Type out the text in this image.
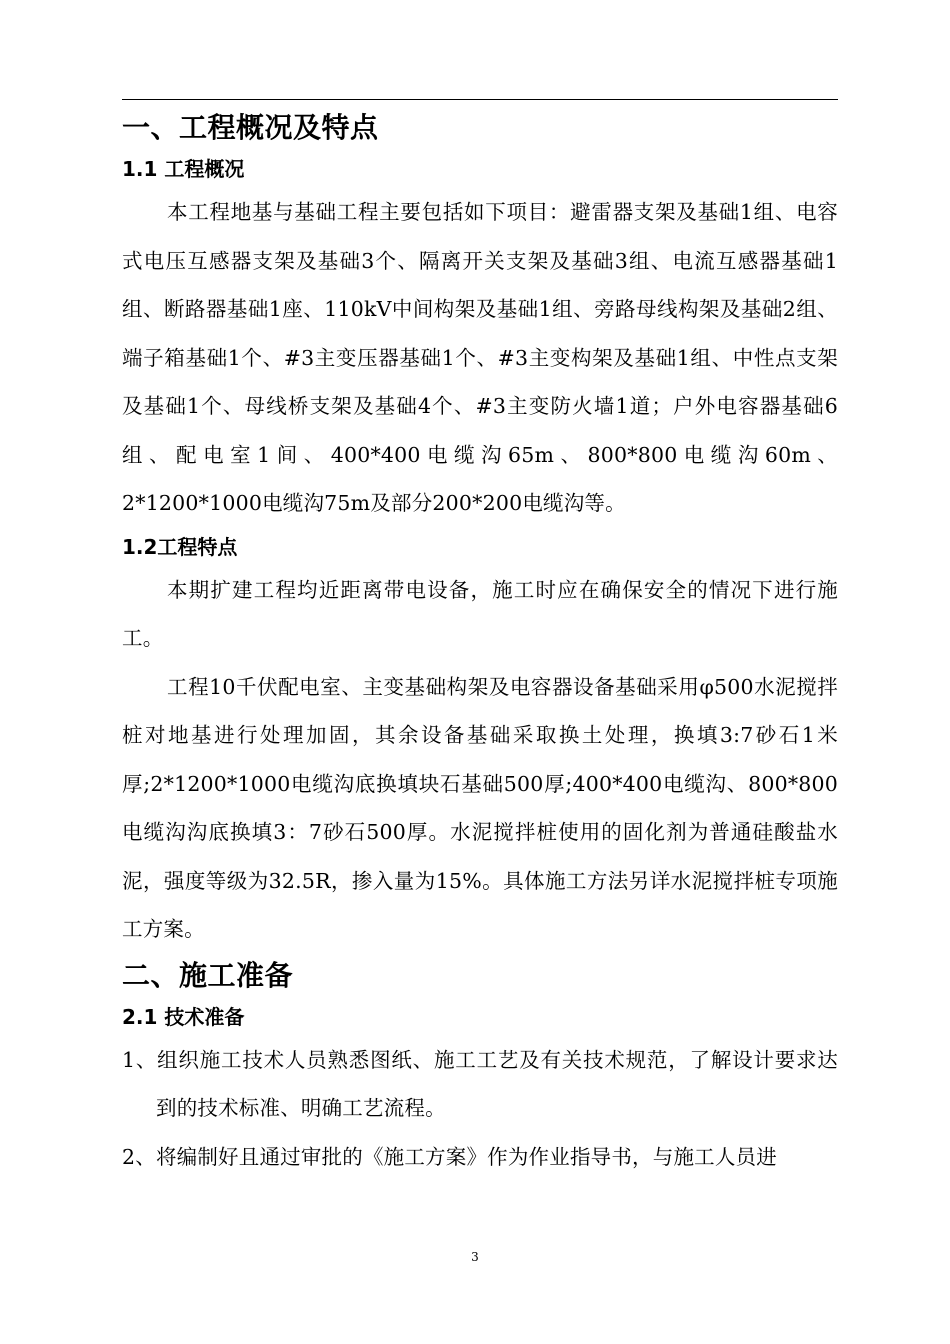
一、工程概况及特点
1.1 工程概况

本工程地基与基础工程主要包括如下项目：避雷器支架及基础1组、电容式电压互感器支架及基础3个、隔离开关支架及基础3组、电流互感器基础1组、断路器基础1座、110kV中间构架及基础1组、旁路母线构架及基础2组、端子箱基础1个、#3主变压器基础1个、#3主变构架及基础1组、中性点支架及基础1个、母线桥支架及基础4个、#3主变防火墙1道；户外电容器基础6组、配电室1间、400*400电缆沟65m、800*800电缆沟60m、2*1200*1000电缆沟75m及部分200*200电缆沟等。

1.2工程特点

本期扩建工程均近距离带电设备，施工时应在确保安全的情况下进行施工。

工程10千伏配电室、主变基础构架及电容器设备基础采用φ500水泥搅拌桩对地基进行处理加固，其余设备基础采取换土处理，换填3:7砂石1米厚;2*1200*1000电缆沟底换填块石基础500厚;400*400电缆沟、800*800电缆沟沟底换填3：7砂石500厚。水泥搅拌桩使用的固化剂为普通硅酸盐水泥，强度等级为32.5R，掺入量为15%。具体施工方法另详水泥搅拌桩专项施工方案。

二、施工准备
2.1 技术准备

1、组织施工技术人员熟悉图纸、施工工艺及有关技术规范，了解设计要求达到的技术标准、明确工艺流程。

2、将编制好且通过审批的《施工方案》作为作业指导书，与施工人员进

3
